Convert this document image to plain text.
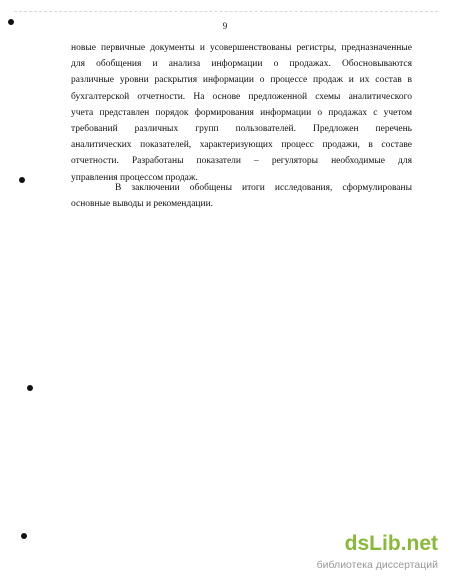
9

новые первичные документы и усовершенствованы регистры, предназначенные
для обобщения и анализа информации о продажах. Обосновываются
различные уровни раскрытия информации о процессе продаж и их состав в
бухгалтерской отчетности. На основе предложенной схемы аналитического
учета представлен порядок формирования информации о продажах с учетом
требований различных групп пользователей. Предложен перечень
аналитических показателей, характеризующих процесс продажи, в составе
отчетности. Разработаны показатели – регуляторы необходимые для
управления процессом продаж.

В заключении обобщены итоги исследования, сформулированы
основные выводы и рекомендации.

dsLib.net
библиотека диссертаций
